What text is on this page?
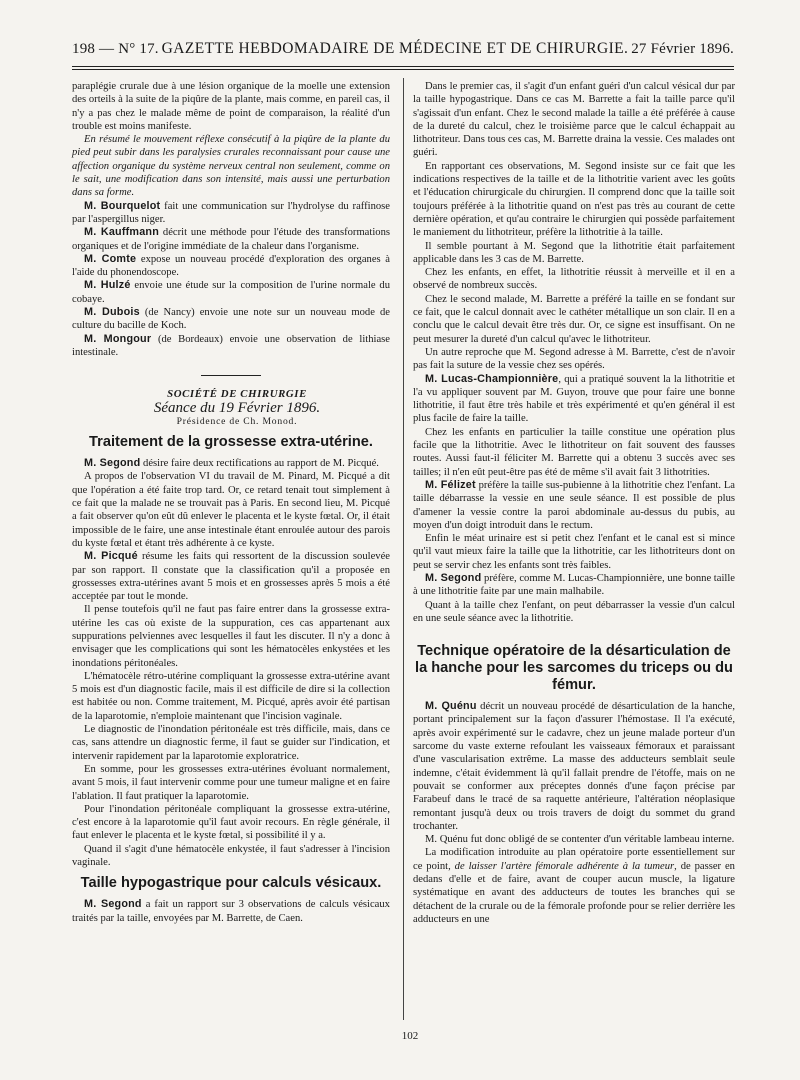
198 — N° 17. GAZETTE HEBDOMADAIRE DE MÉDECINE ET DE CHIRURGIE. 27 Février 1896.

paraplégie crurale due à une lésion organique de la moelle une extension des orteils à la suite de la piqûre de la plante, mais comme, en pareil cas, il n'y a pas chez le malade même de point de comparaison, la réalité d'un trouble est moins manifeste.

En résumé le mouvement réflexe consécutif à la piqûre de la plante du pied peut subir dans les paralysies crurales reconnaissant pour cause une affection organique du système nerveux central non seulement, comme on le sait, une modification dans son intensité, mais aussi une perturbation dans sa forme.

M. Bourquelot fait une communication sur l'hydrolyse du raffinose par l'aspergillus niger.

M. Kauffmann décrit une méthode pour l'étude des transformations organiques et de l'origine immédiate de la chaleur dans l'organisme.

M. Comte expose un nouveau procédé d'exploration des organes à l'aide du phonendoscope.

M. Hulzé envoie une étude sur la composition de l'urine normale du cobaye.

M. Dubois (de Nancy) envoie une note sur un nouveau mode de culture du bacille de Koch.

M. Mongour (de Bordeaux) envoie une observation de lithiase intestinale.

SOCIÉTÉ DE CHIRURGIE

Séance du 19 Février 1896.

Présidence de Ch. Monod.

Traitement de la grossesse extra-utérine.

M. Segond désire faire deux rectifications au rapport de M. Picqué.

A propos de l'observation VI du travail de M. Pinard, M. Picqué a dit que l'opération a été faite trop tard. Or, ce retard tenait tout simplement à ce fait que la malade ne se trouvait pas à Paris. En second lieu, M. Picqué a fait observer qu'on eût dû enlever le placenta et le kyste fœtal. Or, il était impossible de le faire, une anse intestinale étant enroulée autour des parois du kyste fœtal et étant très adhérente à ce kyste.

M. Picqué résume les faits qui ressortent de la discussion soulevée par son rapport. Il constate que la classification qu'il a proposée en grossesses extra-utérines avant 5 mois et en grossesses après 5 mois a été acceptée par tout le monde.

Il pense toutefois qu'il ne faut pas faire entrer dans la grossesse extra-utérine les cas où existe de la suppuration, ces cas appartenant aux suppurations pelviennes avec lesquelles il faut les discuter. Il n'y a donc à envisager que les complications qui sont les hématocèles enkystées et les inondations péritonéales.

L'hématocèle rétro-utérine compliquant la grossesse extra-utérine avant 5 mois est d'un diagnostic facile, mais il est difficile de dire si la collection est habitée ou non. Comme traitement, M. Picqué, après avoir été partisan de la laparotomie, n'emploie maintenant que l'incision vaginale.

Le diagnostic de l'inondation péritonéale est très difficile, mais, dans ce cas, sans attendre un diagnostic ferme, il faut se guider sur l'indication, et intervenir rapidement par la laparotomie exploratrice.

En somme, pour les grossesses extra-utérines évoluant normalement, avant 5 mois, il faut intervenir comme pour une tumeur maligne et en faire l'ablation. Il faut pratiquer la laparotomie.

Pour l'inondation péritonéale compliquant la grossesse extra-utérine, c'est encore à la laparotomie qu'il faut avoir recours. En règle générale, il faut enlever le placenta et le kyste fœtal, si possibilité il y a.

Quand il s'agit d'une hématocèle enkystée, il faut s'adresser à l'incision vaginale.

Taille hypogastrique pour calculs vésicaux.

M. Segond a fait un rapport sur 3 observations de calculs vésicaux traités par la taille, envoyées par M. Barrette, de Caen.

Dans le premier cas, il s'agit d'un enfant guéri d'un calcul vésical dur par la taille hypogastrique. Dans ce cas M. Barrette a fait la taille parce qu'il s'agissait d'un enfant. Chez le second malade la taille a été préférée à cause de la dureté du calcul, chez le troisième parce que le calcul échappait au lithotriteur. Dans tous ces cas, M. Barrette draina la vessie. Ces malades ont guéri.

En rapportant ces observations, M. Segond insiste sur ce fait que les indications respectives de la taille et de la lithotritie varient avec les goûts et l'éducation chirurgicale du chirurgien. Il comprend donc que la taille soit toujours préférée à la lithotritie quand on n'est pas très au courant de cette dernière opération, et qu'au contraire le chirurgien qui possède parfaitement le maniement du lithotriteur, préfère la lithotritie à la taille.

Il semble pourtant à M. Segond que la lithotritie était parfaitement applicable dans les 3 cas de M. Barrette.

Chez les enfants, en effet, la lithotritie réussit à merveille et il en a observé de nombreux succès.

Chez le second malade, M. Barrette a préféré la taille en se fondant sur ce fait, que le calcul donnait avec le cathéter métallique un son clair. Il en a conclu que le calcul devait être très dur. Or, ce signe est insuffisant. On ne peut mesurer la dureté d'un calcul qu'avec le lithotriteur.

Un autre reproche que M. Segond adresse à M. Barrette, c'est de n'avoir pas fait la suture de la vessie chez ses opérés.

M. Lucas-Championnière, qui a pratiqué souvent la la lithotritie et l'a vu appliquer souvent par M. Guyon, trouve que pour faire une bonne lithotritie, il faut être très habile et très expérimenté et qu'en général il est plus facile de faire la taille.

Chez les enfants en particulier la taille constitue une opération plus facile que la lithotritie. Avec le lithotriteur on fait souvent des fausses routes. Aussi faut-il féliciter M. Barrette qui a obtenu 3 succès avec ses tailles; il n'en eût peut-être pas été de même s'il avait fait 3 lithotrities.

M. Félizet préfère la taille sus-pubienne à la lithotritie chez l'enfant. La taille débarrasse la vessie en une seule séance. Il est possible de plus d'amener la vessie contre la paroi abdominale au-dessus du pubis, au moyen d'un doigt introduit dans le rectum.

Enfin le méat urinaire est si petit chez l'enfant et le canal est si mince qu'il vaut mieux faire la taille que la lithotritie, car les lithotriteurs dont on peut se servir chez les enfants sont très faibles.

M. Segond préfère, comme M. Lucas-Championnière, une bonne taille à une lithotritie faite par une main malhabile.

Quant à la taille chez l'enfant, on peut débarrasser la vessie d'un calcul en une seule séance avec la lithotritie.

Technique opératoire de la désarticulation de la hanche pour les sarcomes du triceps ou du fémur.

M. Quénu décrit un nouveau procédé de désarticulation de la hanche, portant principalement sur la façon d'assurer l'hémostase. Il l'a exécuté, après avoir expérimenté sur le cadavre, chez un jeune malade porteur d'un sarcome du vaste externe refoulant les vaisseaux fémoraux et paraissant d'une vascularisation extrême. La masse des adducteurs semblait seule indemne, c'était évidemment là qu'il fallait prendre de l'étoffe, mais on ne pouvait se conformer aux préceptes donnés d'une façon précise par Farabeuf dans le tracé de sa raquette antérieure, l'altération néoplasique remontant jusqu'à deux ou trois travers de doigt du sommet du grand trochanter.

M. Quénu fut donc obligé de se contenter d'un véritable lambeau interne.

La modification introduite au plan opératoire porte essentiellement sur ce point, de laisser l'artère fémorale adhérente à la tumeur, de passer en dedans d'elle et de faire, avant de couper aucun muscle, la ligature systématique en avant des adducteurs de toutes les branches qui se détachent de la crurale ou de la fémorale profonde pour se relier derrière les adducteurs en une

102
